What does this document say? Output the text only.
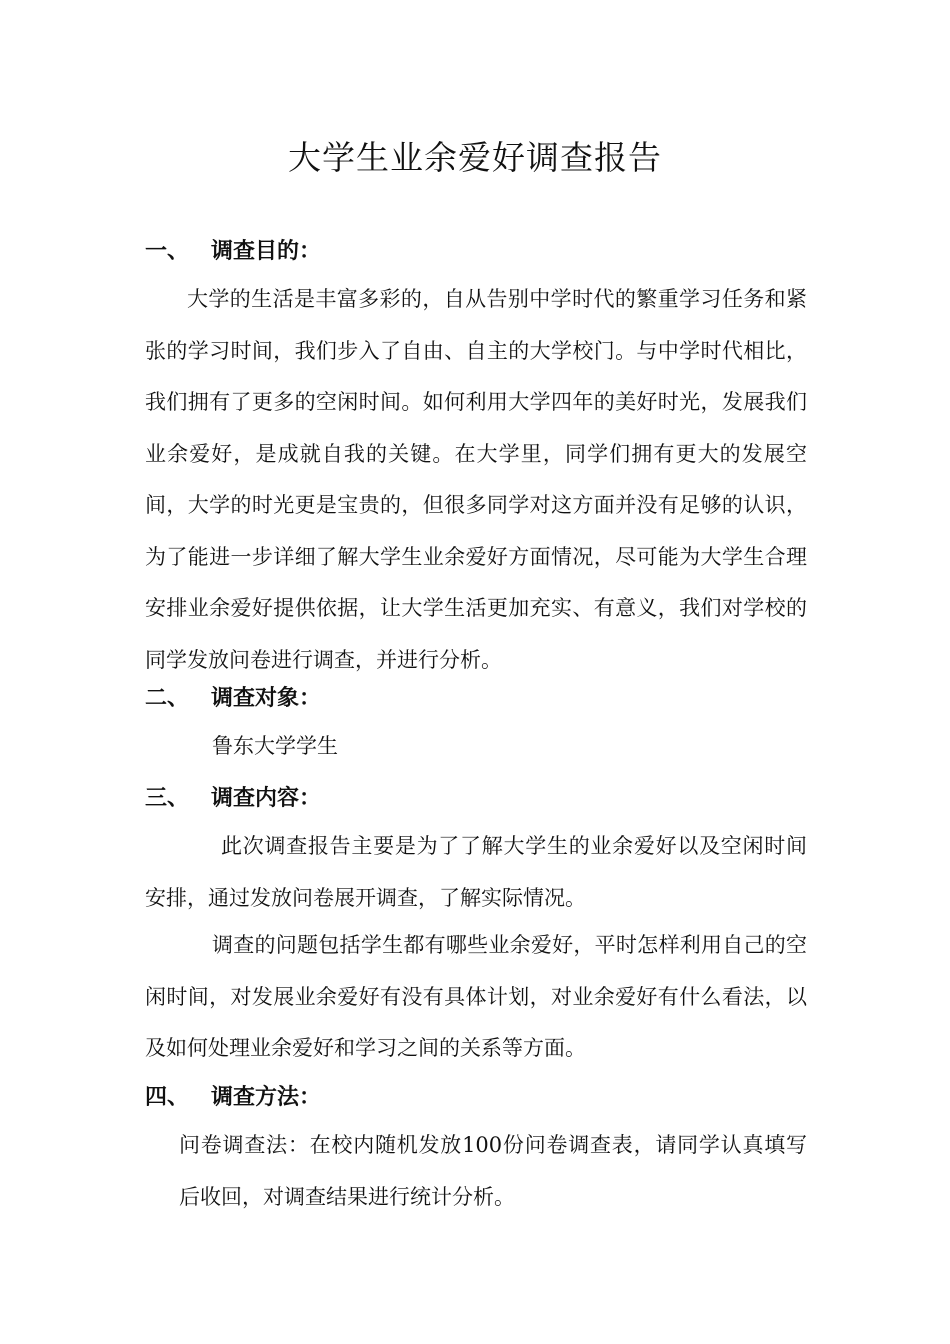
大学生业余爱好调查报告
一、 调查目的：

大学的生活是丰富多彩的，自从告别中学时代的繁重学习任务和紧张的学习时间，我们步入了自由、自主的大学校门。与中学时代相比，我们拥有了更多的空闲时间。如何利用大学四年的美好时光，发展我们业余爱好，是成就自我的关键。在大学里，同学们拥有更大的发展空间，大学的时光更是宝贵的，但很多同学对这方面并没有足够的认识，为了能进一步详细了解大学生业余爱好方面情况，尽可能为大学生合理安排业余爱好提供依据，让大学生活更加充实、有意义，我们对学校的同学发放问卷进行调查，并进行分析。

二、 调查对象：

鲁东大学学生

三、 调查内容：

此次调查报告主要是为了了解大学生的业余爱好以及空闲时间安排，通过发放问卷展开调查，了解实际情况。

调查的问题包括学生都有哪些业余爱好，平时怎样利用自己的空闲时间，对发展业余爱好有没有具体计划，对业余爱好有什么看法，以及如何处理业余爱好和学习之间的关系等方面。

四、 调查方法：

问卷调查法：在校内随机发放100份问卷调查表，请同学认真填写后收回，对调查结果进行统计分析。
